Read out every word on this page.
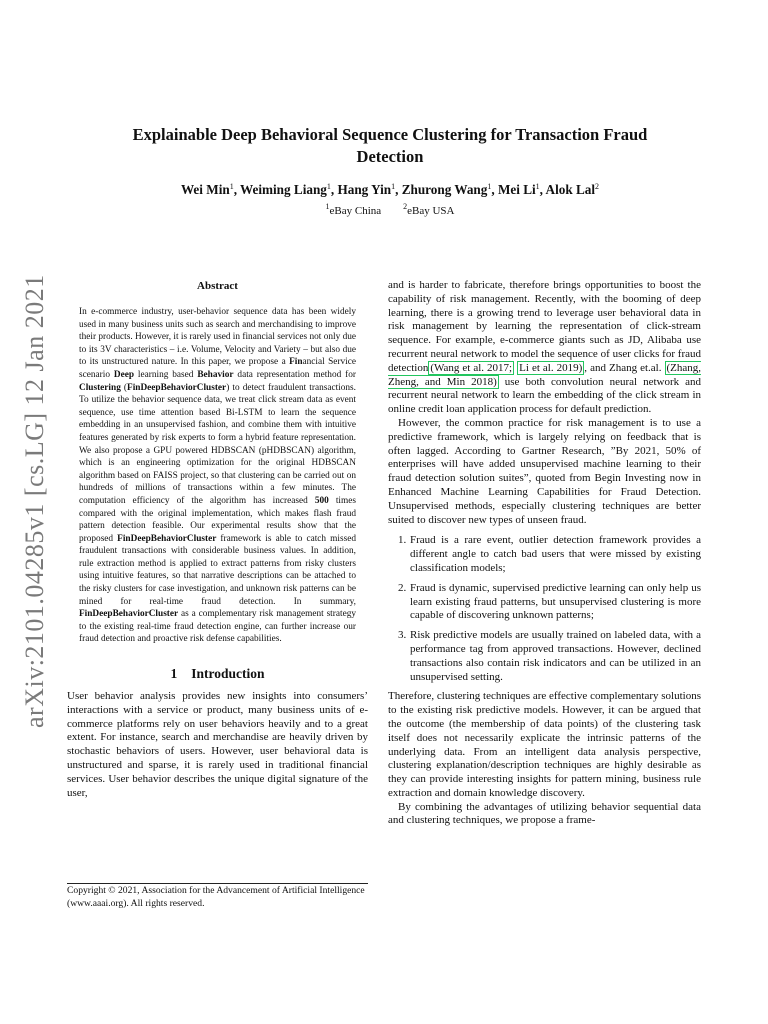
arXiv:2101.04285v1 [cs.LG] 12 Jan 2021
Explainable Deep Behavioral Sequence Clustering for Transaction Fraud
Detection
Wei Min$^1$, Weiming Liang$^1$, Hang Yin$^1$, Zhurong Wang$^1$, Mei Li$^1$, Alok Lal$^2$
$^1$eBay China	$^2$eBay USA
Abstract
In e-commerce industry, user-behavior sequence data has been widely used in many business units such as search and merchandising to improve their products. However, it is rarely used in financial services not only due to its 3V characteristics – i.e. Volume, Velocity and Variety – but also due to its unstructured nature. In this paper, we propose a Financial Service scenario Deep learning based Behavior data representation method for Clustering (FinDeepBehaviorCluster) to detect fraudulent transactions. To utilize the behavior sequence data, we treat click stream data as event sequence, use time attention based Bi-LSTM to learn the sequence embedding in an unsupervised fashion, and combine them with intuitive features generated by risk experts to form a hybrid feature representation. We also propose a GPU powered HDBSCAN (pHDBSCAN) algorithm, which is an engineering optimization for the original HDBSCAN algorithm based on FAISS project, so that clustering can be carried out on hundreds of millions of transactions within a few minutes. The computation efficiency of the algorithm has increased 500 times compared with the original implementation, which makes flash fraud pattern detection feasible. Our experimental results show that the proposed FinDeepBehaviorCluster framework is able to catch missed fraudulent transactions with considerable business values. In addition, rule extraction method is applied to extract patterns from risky clusters using intuitive features, so that narrative descriptions can be attached to the risky clusters for case investigation, and unknown risk patterns can be mined for real-time fraud detection. In summary, FinDeepBehaviorCluster as a complementary risk management strategy to the existing real-time fraud detection engine, can further increase our fraud detection and proactive risk defense capabilities.
1 Introduction

User behavior analysis provides new insights into consumers’ interactions with a service or product, many business units of e-commerce platforms rely on user behaviors heavily and to a great extent. For instance, search and merchandise are heavily driven by stochastic behaviors of users. However, user behavioral data is unstructured and sparse, it is rarely used in traditional financial services. User behavior describes the unique digital signature of the user,

and is harder to fabricate, therefore brings opportunities to boost the capability of risk management. Recently, with the booming of deep learning, there is a growing trend to leverage user behavioral data in risk management by learning the representation of click-stream sequence. For example, e-commerce giants such as JD, Alibaba use recurrent neural network to model the sequence of user clicks for fraud detection (Wang et al. 2017; Li et al. 2019) , and Zhang et.al. (Zhang, Zheng, and Min 2018) use both convolution neural network and recurrent neural network to learn the embedding of the click stream in online credit loan application process for default prediction.

However, the common practice for risk management is to use a predictive framework, which is largely relying on feedback that is often lagged. According to Gartner Research, ”By 2021, 50% of enterprises will have added unsupervised machine learning to their fraud detection solution suites”, quoted from Begin Investing now in Enhanced Machine Learning Capabilities for Fraud Detection. Unsupervised methods, especially clustering techniques are better suited to discover new types of unseen fraud.

1. Fraud is a rare event, outlier detection framework provides a different angle to catch bad users that were missed by existing classification models;
2. Fraud is dynamic, supervised predictive learning can only help us learn existing fraud patterns, but unsupervised clustering is more capable of discovering unknown patterns;
3. Risk predictive models are usually trained on labeled data, with a performance tag from approved transactions. However, declined transactions also contain risk indicators and can be utilized in an unsupervised setting.

Therefore, clustering techniques are effective complementary solutions to the existing risk predictive models. However, it can be argued that the outcome (the membership of data points) of the clustering task itself does not necessarily explicate the intrinsic patterns of the underlying data. From an intelligent data analysis perspective, clustering explanation/description techniques are highly desirable as they can provide interesting insights for pattern mining, business rule extraction and domain knowledge discovery.

By combining the advantages of utilizing behavior sequential data and clustering techniques, we propose a frame-

Copyright © 2021, Association for the Advancement of Artificial Intelligence (www.aaai.org). All rights reserved.
